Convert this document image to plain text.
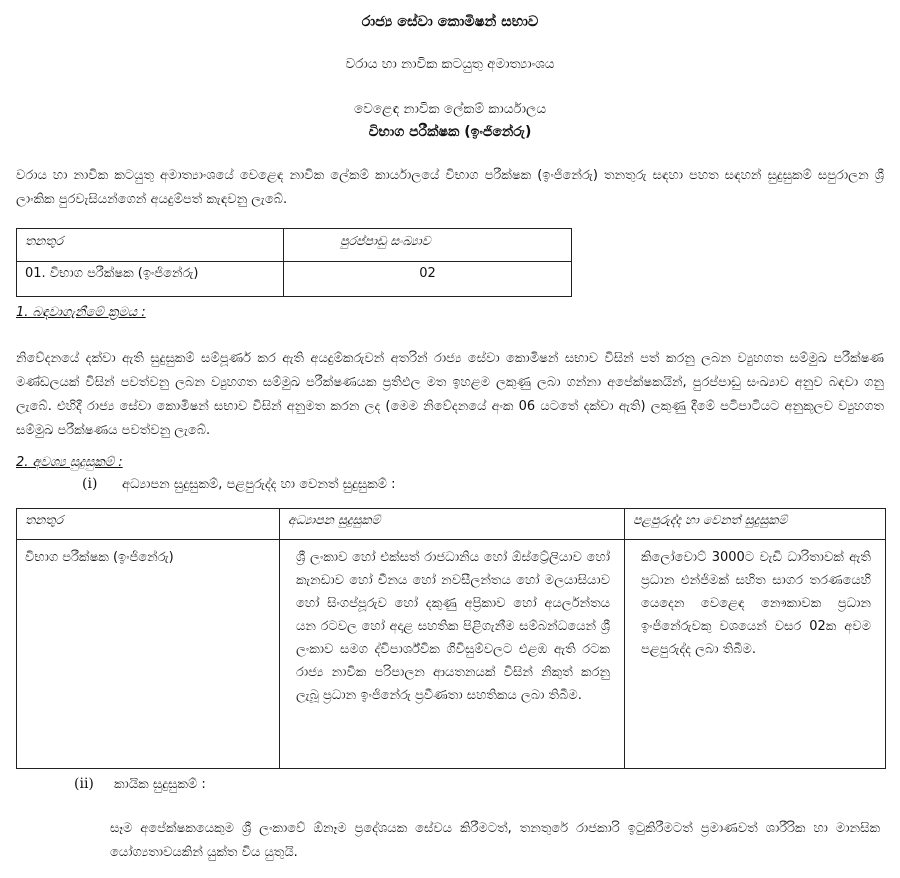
රාජ්‍ය සේවා කොමිෂන් සභාව
වරාය හා නාවික කටයුතු අමාත්‍යාංශය
වෙළෙඳ නාවික ලේකම් කාර්යාලය
විභාග පරීක්ෂක (ඉංජිනේරු)

වරාය හා නාවික කටයුතු අමාත්‍යාංශයේ වෙළෙඳ නාවික ලේකම් කාර්යාලයේ විභාග පරීක්ෂක (ඉංජිනේරු) තනතුරු සඳහා පහත සඳහන් සුදුසුකම් සපුරාලන ශ්‍රී ලාංකික පුරවැසියන්ගෙන් අයදුම්පත් කැඳවනු ලැබේ.

තනතුර	පුරප්පාඩු සංඛ්‍යාව
01. විභාග පරීක්ෂක (ඉංජිනේරු)	02
1. බඳවාගැනීමේ ක්‍රමය :

නිවේදනයේ දක්වා ඇති සුදුසුකම් සම්පූර්ණ කර ඇති අයදුම්කරුවන් අතරින් රාජ්‍ය සේවා කොමිෂන් සභාව විසින් පත් කරනු ලබන ව්‍යුහගත සම්මුඛ පරීක්ෂණ මණ්ඩලයක් විසින් පවත්වනු ලබන ව්‍යුහගත සම්මුඛ පරීක්ෂණයක ප්‍රතිඵල මත ඉහළම ලකුණු ලබා ගන්නා අපේක්ෂකයින්, පුරප්පාඩු සංඛ්‍යාව අනුව බඳවා ගනු ලැබේ. එහිදී රාජ්‍ය සේවා කොමිෂන් සභාව විසින් අනුමත කරන ලද (මෙම නිවේදනයේ අංක 06 යටතේ දක්වා ඇති) ලකුණු දීමේ පටිපාටියට අනුකූලව ව්‍යුහගත සම්මුඛ පරීක්ෂණය පවත්වනු ලැබේ.

2. අවශ්‍ය සුදුසුකම් :
(i) අධ්‍යාපන සුදුසුකම්, පළපුරුද්ද හා වෙනත් සුදුසුකම් :
තනතුර	අධ්‍යාපන සුදුසුකම්	පළපුරුද්ද හා වෙනත් සුදුසුකම්
විභාග පරීක්ෂක (ඉංජිනේරු)	ශ්‍රී ලංකාව හෝ එක්සත් රාජධානිය හෝ ඕස්ට්‍රේලියාව හෝ කැනඩාව හෝ චීනය හෝ නවසීලන්තය හෝ මලයාසියාව හෝ සිංගප්පූරුව හෝ දකුණු අප්‍රිකාව හෝ අයර්ලන්තය යන රටවල හෝ අදාළ සහතික පිළිගැනීම සම්බන්ධයෙන් ශ්‍රී ලංකාව සමග ද්විපාර්ශ්වික ගිවිසුම්වලට එළඹ ඇති රටක රාජ්‍ය නාවික පරිපාලන ආයතනයක් විසින් නිකුත් කරනු ලැබූ ප්‍රධාන ඉංජිනේරු ප්‍රවීණතා සහතිකය ලබා තිබීම.	කිලෝවොට් 3000ට වැඩි ධාරිතාවක් ඇති ප්‍රධාන එන්ජිමක් සහිත සාගර තරණයෙහි යෙදෙන වෙළෙඳ නෞකාවක ප්‍රධාන ඉංජිනේරුවකු වශයෙන් වසර 02ක අවම පළපුරුද්ද ලබා තිබීම.
(ii) කායික සුදුසුකම් :

සෑම අපේක්ෂකයෙකුම ශ්‍රී ලංකාවේ ඕනෑම ප්‍රදේශයක සේවය කිරීමටත්, තනතුරේ රාජකාරි ඉටුකිරීමටත් ප්‍රමාණවත් ශාරීරික හා මානසික යෝග්‍යතාවයකින් යුක්ත විය යුතුයි.
